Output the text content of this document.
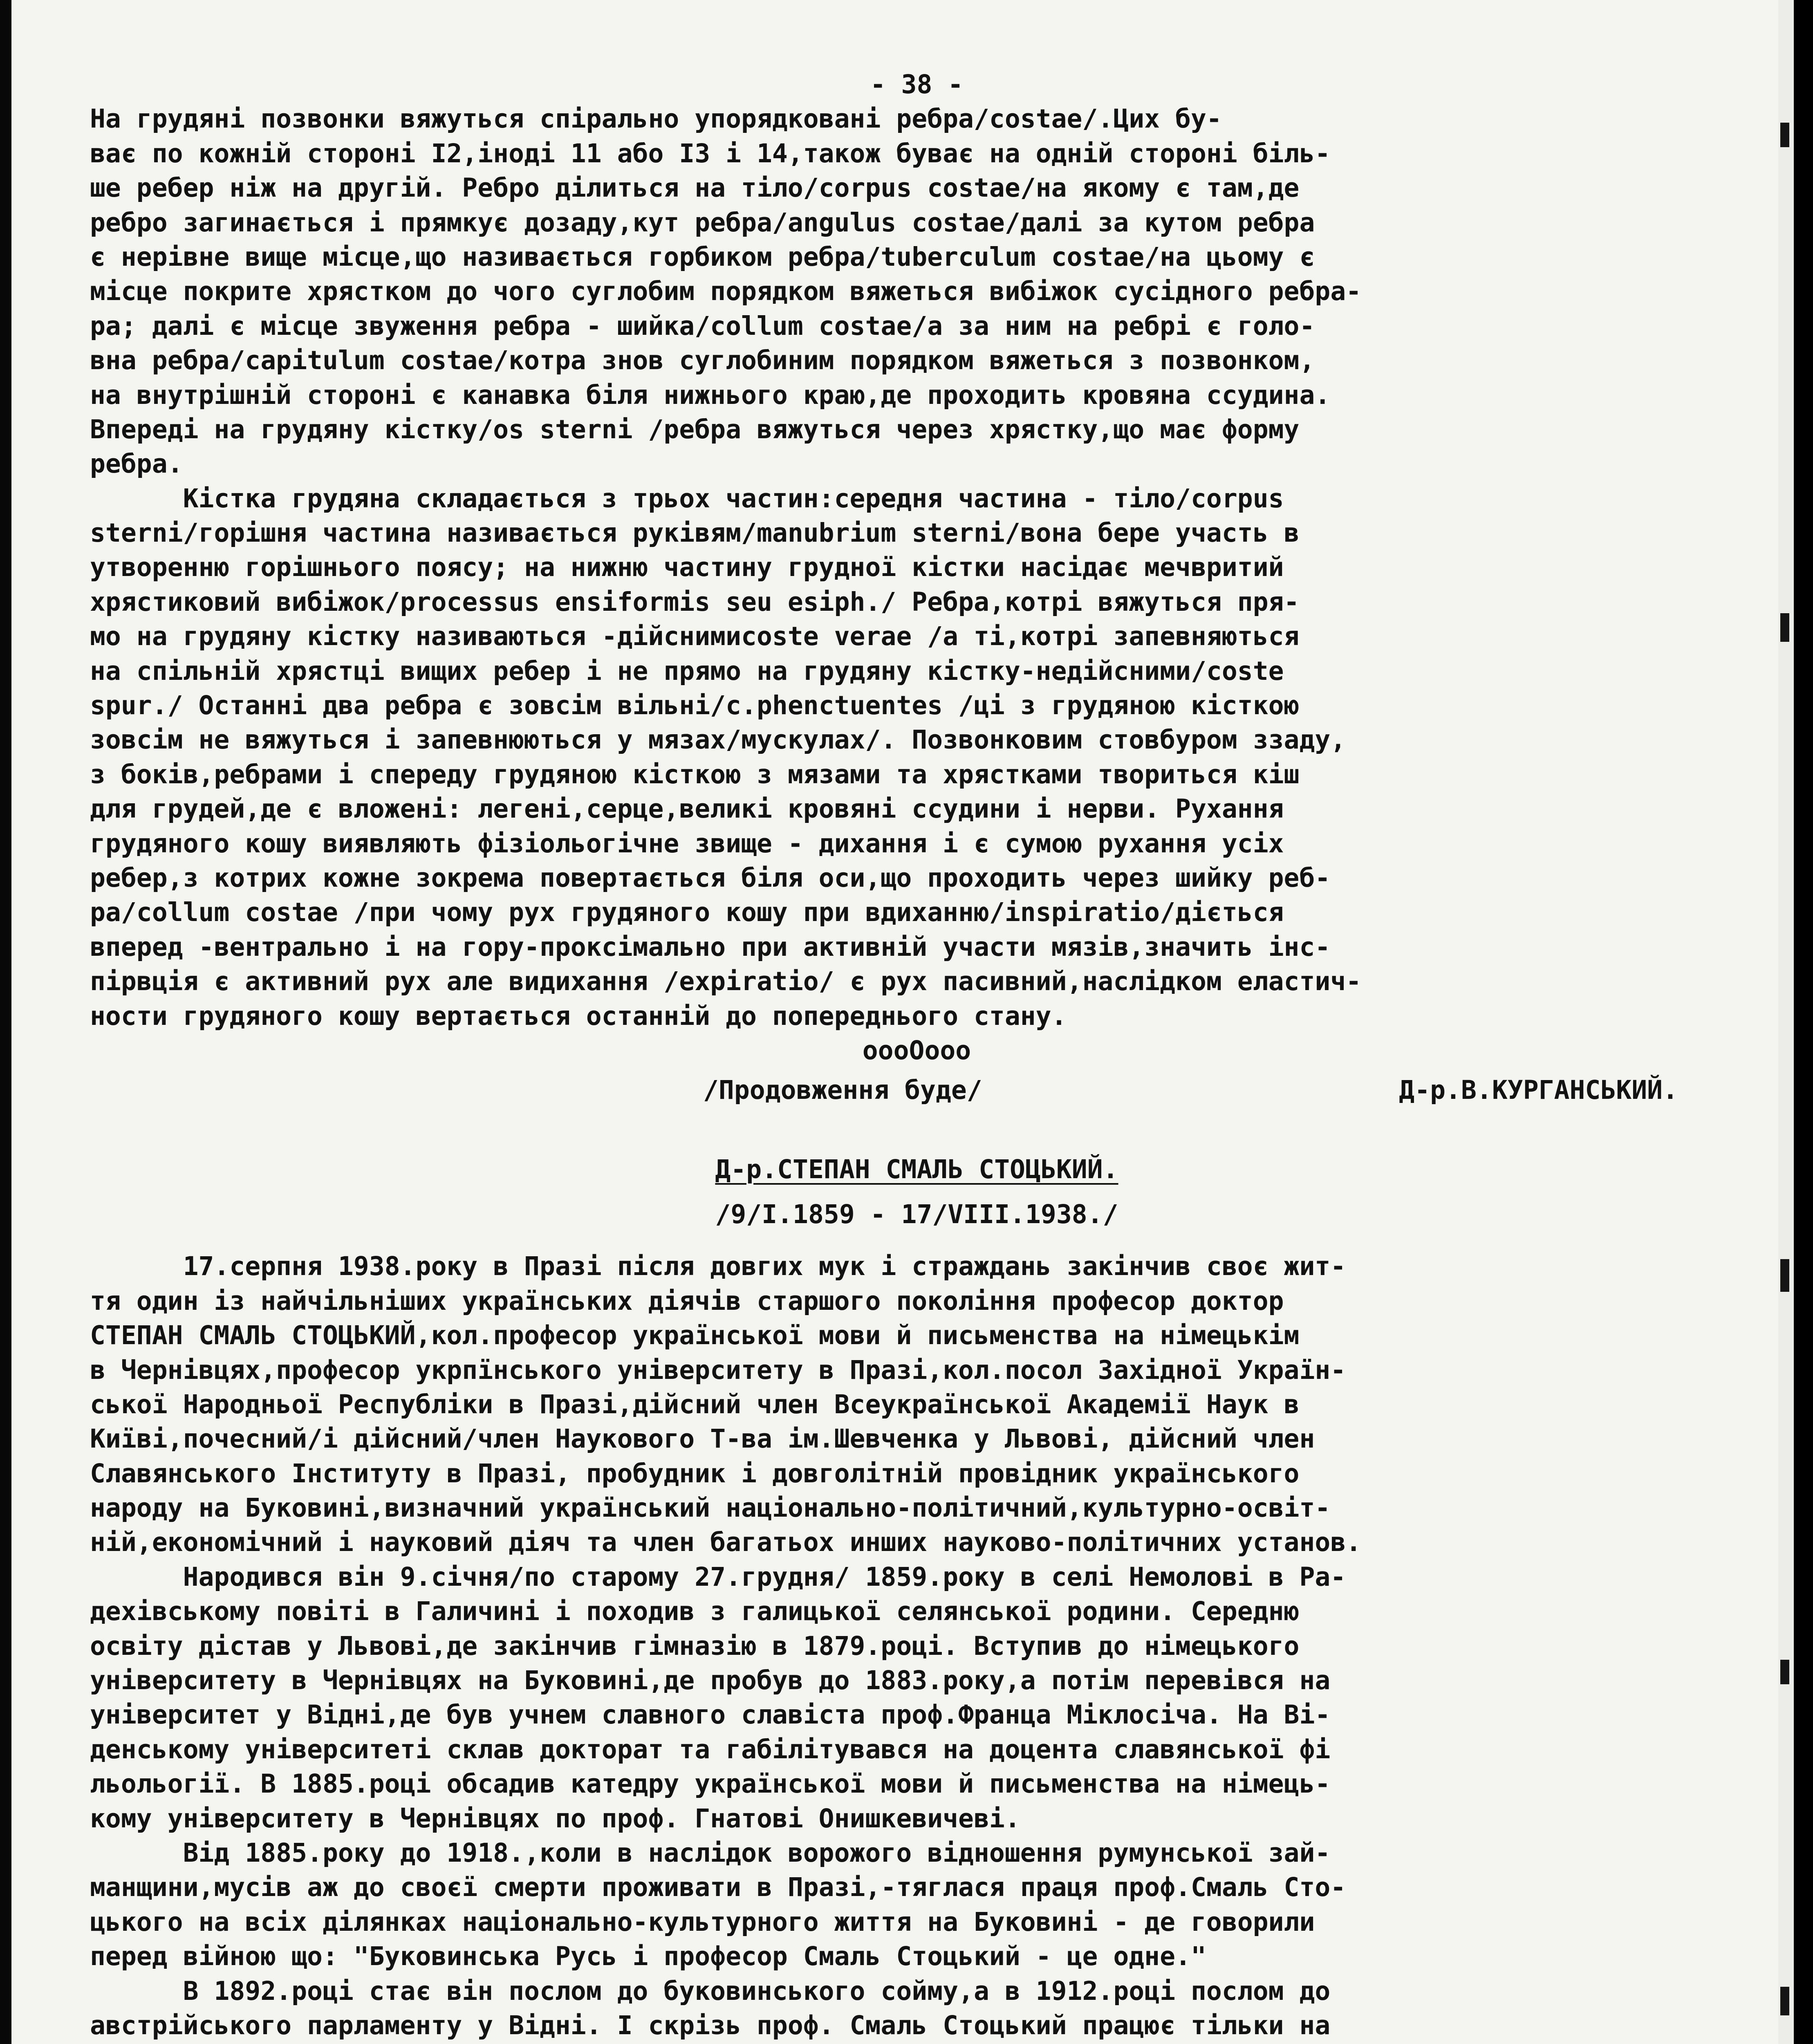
- 38 -
На грудяні позвонки вяжуться спірально упорядковані ребра/costae/.Цих бу-
ває по кожній стороні I2,іноді 11 або I3 і 14,також буває на одній стороні біль-
ше ребер ніж на другій. Ребро ділиться на тіло/corpus costae/на якому є там,де
ребро загинається і прямкує дозаду,кут ребра/angulus costae/далі за кутом ребра
є нерівне вище місце,що називається горбиком ребра/tuberculum costae/на цьому є
місце покрите хрястком до чого суглобим порядком вяжеться вибіжок сусідного ребра-
ра; далі є місце звуження ребра - шийка/collum costae/а за ним на ребрі є голо-
вна ребра/capitulum costae/котра знов суглобиним порядком вяжеться з позвонком,
на внутрішній стороні є канавка біля нижнього краю,де проходить кровяна ссудина.
Впереді на грудяну кістку/os sterni /ребра вяжуться через хрястку,що має форму
ребра.
Кістка грудяна складається з трьох частин:середня частина - тіло/corpus
sterni/горішня частина називається руківям/manubrium sterni/вона бере участь в
утворенню горішнього поясу; на нижню частину грудної кістки насідає мечвритий
хрястиковий вибіжок/processus ensiformis seu esiph./ Ребра,котрі вяжуться пря-
мо на грудяну кістку називаються -дійснимиcoste verae /а ті,котрі запевняються
на спільній хрястці вищих ребер і не прямо на грудяну кістку-недійсними/coste
spur./ Останні два ребра є зовсім вільні/c.phenctuentes /ці з грудяною кісткою
зовсім не вяжуться і запевнюються у мязах/мускулах/. Позвонковим стовбуром ззаду,
з боків,ребрами і спереду грудяною кісткою з мязами та хрястками твориться кіш
для грудей,де є вложені: легені,серце,великі кровяні ссудини і нерви. Рухання
грудяного кошу виявляють фізіольогічне звище - дихання і є сумою рухання усіх
ребер,з котрих кожне зокрема повертається біля оси,що проходить через шийку реб-
ра/collum costae /при чому рух грудяного кошу при вдиханню/inspiratio/діється
вперед -вентрально і на гору-проксімально при активній участи мязів,значить інс-
пірвція є активний рух але видихання /expiratio/ є рух пасивний,наслідком еластич-
ности грудяного кошу вертається останній до попереднього стану.
oooOooo
/Продовження буде/	Д-р.В.КУРГАНСЬКИЙ.
Д-р.СТЕПАН СМАЛЬ СТОЦЬКИЙ.
/9/I.1859 - 17/VIII.1938./
17.серпня 1938.року в Празі після довгих мук і страждань закінчив своє жит-
тя один із найчільніших українських діячів старшого покоління професор доктор
СТЕПАН СМАЛЬ СТОЦЬКИЙ,кол.професор української мови й письменства на німецькім
в Чернівцях,професор укрпїнського університету в Празі,кол.посол Західної Україн-
ської Народньої Республіки в Празі,дійсний член Всеукраїнської Академії Наук в
Київі,почесний/і дійсний/член Наукового Т-ва ім.Шевченка у Львові, дійсний член
Славянського Інституту в Празі, пробудник і довголітній провідник українського
народу на Буковині,визначний український національно-політичний,культурно-освіт-
ній,економічний і науковий діяч та член багатьох инших науково-політичних установ.
Народився він 9.січня/по старому 27.грудня/ 1859.року в селі Немолові в Ра-
дехівському повіті в Галичині і походив з галицької селянської родини. Середню
освіту дістав у Львові,де закінчив гімназію в 1879.році. Вступив до німецького
університету в Чернівцях на Буковині,де пробув до 1883.року,а потім перевівся на
університет у Відні,де був учнем славного славіста проф.Франца Міклосіча. На Ві-
денському університеті склав докторат та габілітувався на доцента славянської фі
льольогії. В 1885.році обсадив катедру української мови й письменства на німець-
кому університету в Чернівцях по проф. Гнатові Онишкевичеві.
Від 1885.року до 1918.,коли в наслідок ворожого відношення румунської зай-
манщини,мусів аж до своєї смерти проживати в Празі,-тяглася праця проф.Смаль Сто-
цького на всіх ділянках національно-культурного життя на Буковині - де говорили
перед війною що: "Буковинська Русь і професор Смаль Стоцький - це одне."
В 1892.році стає він послом до буковинського сойму,а в 1912.році послом до
австрійського парламенту у Відні. І скрізь проф. Смаль Стоцький працює тільки на
